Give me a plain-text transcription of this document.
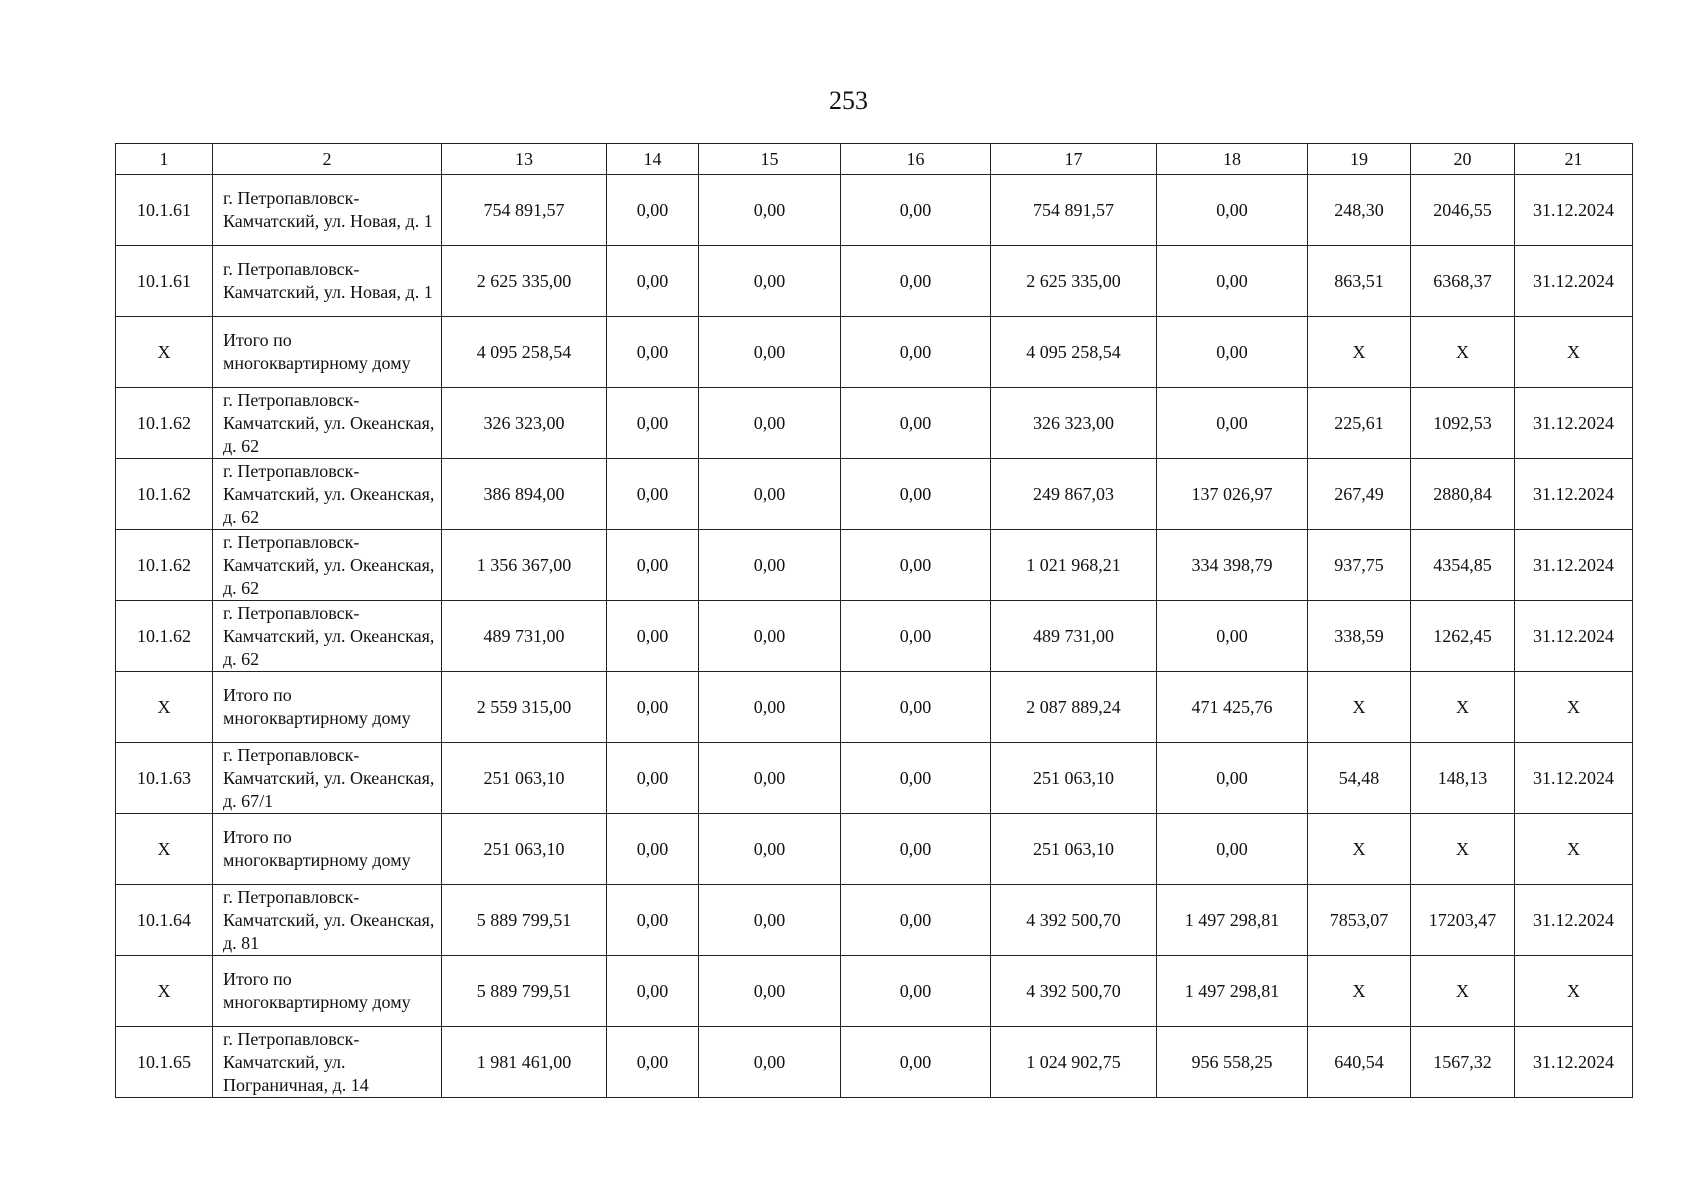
253
1	2	13	14	15	16	17	18	19	20	21
10.1.61	г. Петропавловск-Камчатский, ул. Новая, д. 1	754 891,57	0,00	0,00	0,00	754 891,57	0,00	248,30	2046,55	31.12.2024
10.1.61	г. Петропавловск-Камчатский, ул. Новая, д. 1	2 625 335,00	0,00	0,00	0,00	2 625 335,00	0,00	863,51	6368,37	31.12.2024
X	Итого по многоквартирному дому	4 095 258,54	0,00	0,00	0,00	4 095 258,54	0,00	X	X	X
10.1.62	г. Петропавловск-Камчатский, ул. Океанская, д. 62	326 323,00	0,00	0,00	0,00	326 323,00	0,00	225,61	1092,53	31.12.2024
10.1.62	г. Петропавловск-Камчатский, ул. Океанская, д. 62	386 894,00	0,00	0,00	0,00	249 867,03	137 026,97	267,49	2880,84	31.12.2024
10.1.62	г. Петропавловск-Камчатский, ул. Океанская, д. 62	1 356 367,00	0,00	0,00	0,00	1 021 968,21	334 398,79	937,75	4354,85	31.12.2024
10.1.62	г. Петропавловск-Камчатский, ул. Океанская, д. 62	489 731,00	0,00	0,00	0,00	489 731,00	0,00	338,59	1262,45	31.12.2024
X	Итого по многоквартирному дому	2 559 315,00	0,00	0,00	0,00	2 087 889,24	471 425,76	X	X	X
10.1.63	г. Петропавловск-Камчатский, ул. Океанская, д. 67/1	251 063,10	0,00	0,00	0,00	251 063,10	0,00	54,48	148,13	31.12.2024
X	Итого по многоквартирному дому	251 063,10	0,00	0,00	0,00	251 063,10	0,00	X	X	X
10.1.64	г. Петропавловск-Камчатский, ул. Океанская, д. 81	5 889 799,51	0,00	0,00	0,00	4 392 500,70	1 497 298,81	7853,07	17203,47	31.12.2024
X	Итого по многоквартирному дому	5 889 799,51	0,00	0,00	0,00	4 392 500,70	1 497 298,81	X	X	X
10.1.65	г. Петропавловск-Камчатский, ул. Пограничная, д. 14	1 981 461,00	0,00	0,00	0,00	1 024 902,75	956 558,25	640,54	1567,32	31.12.2024
